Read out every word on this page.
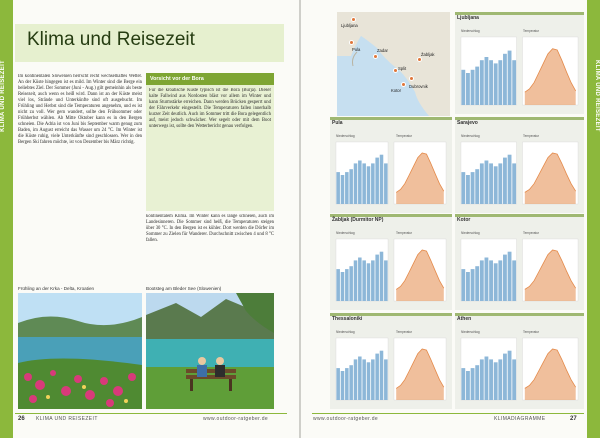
KLIMA UND REISEZEIT
Klima und Reisezeit
Im kontinentalen Slowenien herrscht recht wechselhaftes Wetter. An der Küste hingegen ist es mild. Im Winter sind die Berge ein beliebtes Ziel. Der Sommer (Juni - Aug.) gilt gemeinhin als beste Reisezeit, auch wenn es heiß wird. Dann ist an der Küste meist viel los, Strände und Unterkünfte sind oft ausgebucht. Im Frühling und Herbst sind die Temperaturen angenehm, und es ist nicht zu voll. Wer gern wandert, sollte den Frühsommer oder Frühherbst wählen. Ab Mitte Oktober kann es in den Bergen schneien. Die Adria ist von Juni bis September warm genug zum Baden, im August erreicht das Wasser um 24 °C. Im Winter ist die Küste ruhig, viele Unterkünfte sind geschlossen. Wer in den Bergen Ski fahren möchte, ist von Dezember bis März richtig.
Vorsicht vor der Bora
Für die kroatische Küste typisch ist die Bora (Burja). Dieser kalte Fallwind aus Nordosten bläst vor allem im Winter und kann Sturmstärke erreichen. Dann werden Brücken gesperrt und der Fährverkehr eingestellt. Die Temperaturen fallen innerhalb kurzer Zeit deutlich. Auch im Sommer tritt die Bora gelegentlich auf, meist jedoch schwächer. Wer segelt oder mit dem Boot unterwegs ist, sollte den Wetterbericht genau verfolgen.
kontinentalem Klima. Im Winter kann es lange schneien, auch im Landesinneren. Die Sommer sind heiß, die Temperaturen steigen über 30 °C. In den Bergen ist es kühler. Dort werden die Dörfer im Sommer zu Zielen für Wanderer. Durchschnitt zwischen 4 und 8 °C fallen.
Frühling an der Krka - Delta, Kroatien	Bootsteg am Bleder See (Slowenien)
26 KLIMA UND REISEZEIT	www.outdoor-ratgeber.de
KLIMA UND REISEZEIT
Ljubljana
Pula	Zadar
Split
Kotor
Dubrovnik
Žabljak
Ljubljana
Niederschlag	Temperatur
Pula
Niederschlag	Temperatur
Sarajevo
Niederschlag	Temperatur
Žabljak (Durmitor NP)
Niederschlag	Temperatur
Kotor
Niederschlag	Temperatur
Thessaloniki
Niederschlag	Temperatur
Athen
Niederschlag	Temperatur
www.outdoor-ratgeber.de	KLIMADIAGRAMME	27
